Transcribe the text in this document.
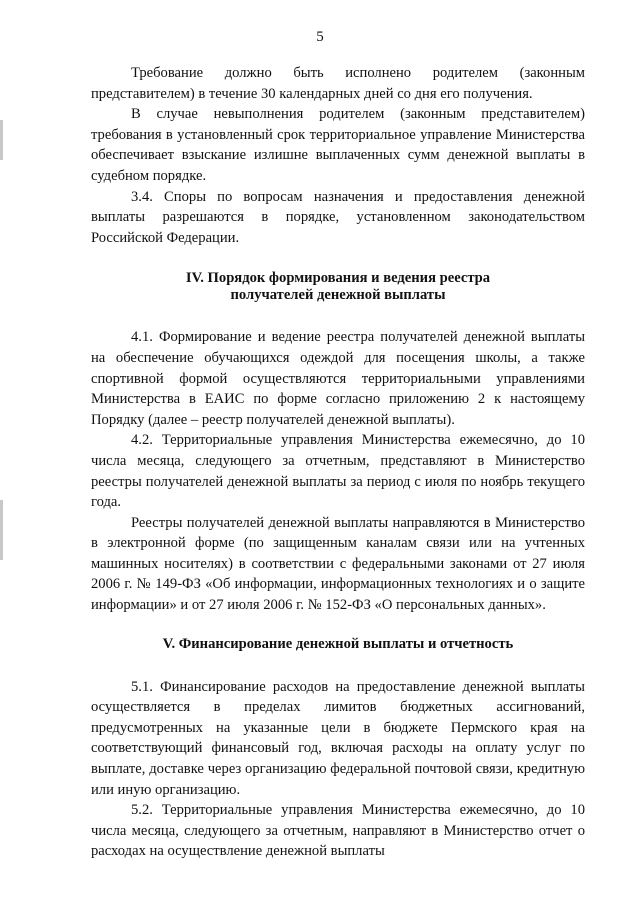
5

Требование должно быть исполнено родителем (законным представителем) в течение 30 календарных дней со дня его получения.

В случае невыполнения родителем (законным представителем) требования в установленный срок территориальное управление Министерства обеспечивает взыскание излишне выплаченных сумм денежной выплаты в судебном порядке.

3.4. Споры по вопросам назначения и предоставления денежной выплаты разрешаются в порядке, установленном законодательством Российской Федерации.

IV. Порядок формирования и ведения реестра
получателей денежной выплаты

4.1. Формирование и ведение реестра получателей денежной выплаты на обеспечение обучающихся одеждой для посещения школы, а также спортивной формой осуществляются территориальными управлениями Министерства в ЕАИС по форме согласно приложению 2 к настоящему Порядку (далее – реестр получателей денежной выплаты).

4.2. Территориальные управления Министерства ежемесячно, до 10 числа месяца, следующего за отчетным, представляют в Министерство реестры получателей денежной выплаты за период с июля по ноябрь текущего года.

Реестры получателей денежной выплаты направляются в Министерство в электронной форме (по защищенным каналам связи или на учтенных машинных носителях) в соответствии с федеральными законами от 27 июля 2006 г. № 149-ФЗ «Об информации, информационных технологиях и о защите информации» и от 27 июля 2006 г. № 152-ФЗ «О персональных данных».

V. Финансирование денежной выплаты и отчетность

5.1. Финансирование расходов на предоставление денежной выплаты осуществляется в пределах лимитов бюджетных ассигнований, предусмотренных на указанные цели в бюджете Пермского края на соответствующий финансовый год, включая расходы на оплату услуг по выплате, доставке через организацию федеральной почтовой связи, кредитную или иную организацию.

5.2. Территориальные управления Министерства ежемесячно, до 10 числа месяца, следующего за отчетным, направляют в Министерство отчет о расходах на осуществление денежной выплаты
